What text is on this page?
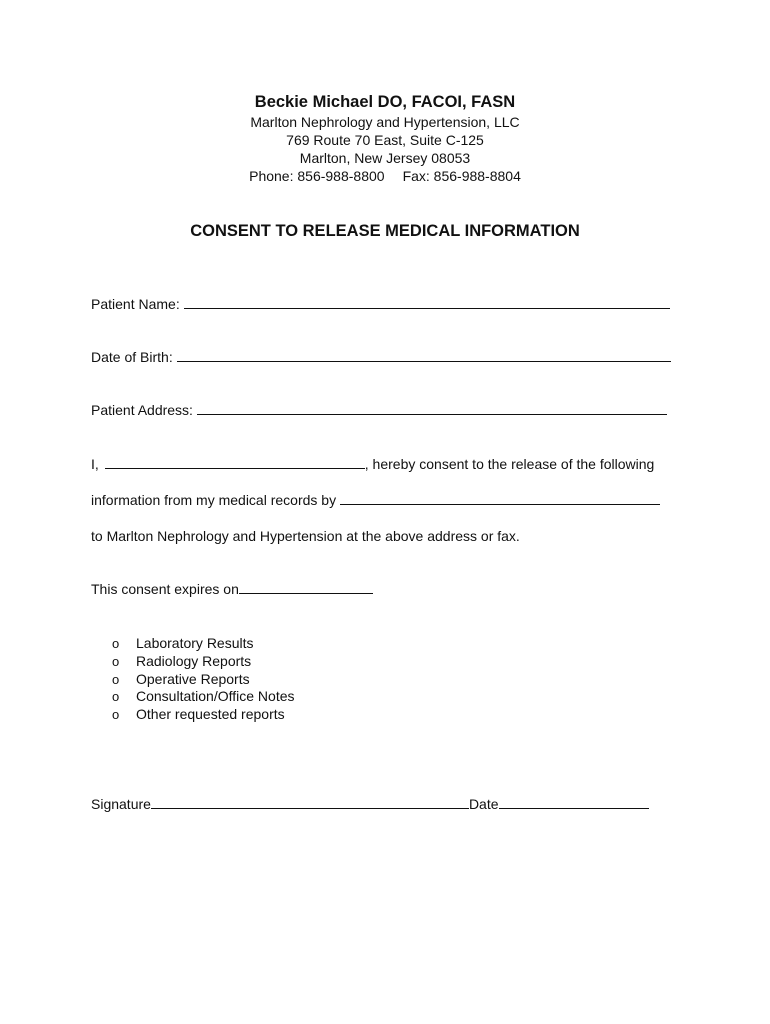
Beckie Michael DO, FACOI, FASN
Marlton Nephrology and Hypertension, LLC
769 Route 70 East, Suite C-125
Marlton, New Jersey 08053
Phone: 856-988-8800 Fax: 856-988-8804
CONSENT TO RELEASE MEDICAL INFORMATION
Patient Name:
Date of Birth:
Patient Address:
I,	, hereby consent to the release of the following
information from my medical records by
to Marlton Nephrology and Hypertension at the above address or fax.
This consent expires on
o	Laboratory Results
o	Radiology Reports
o	Operative Reports
o	Consultation/Office Notes
o	Other requested reports
Signature	Date
